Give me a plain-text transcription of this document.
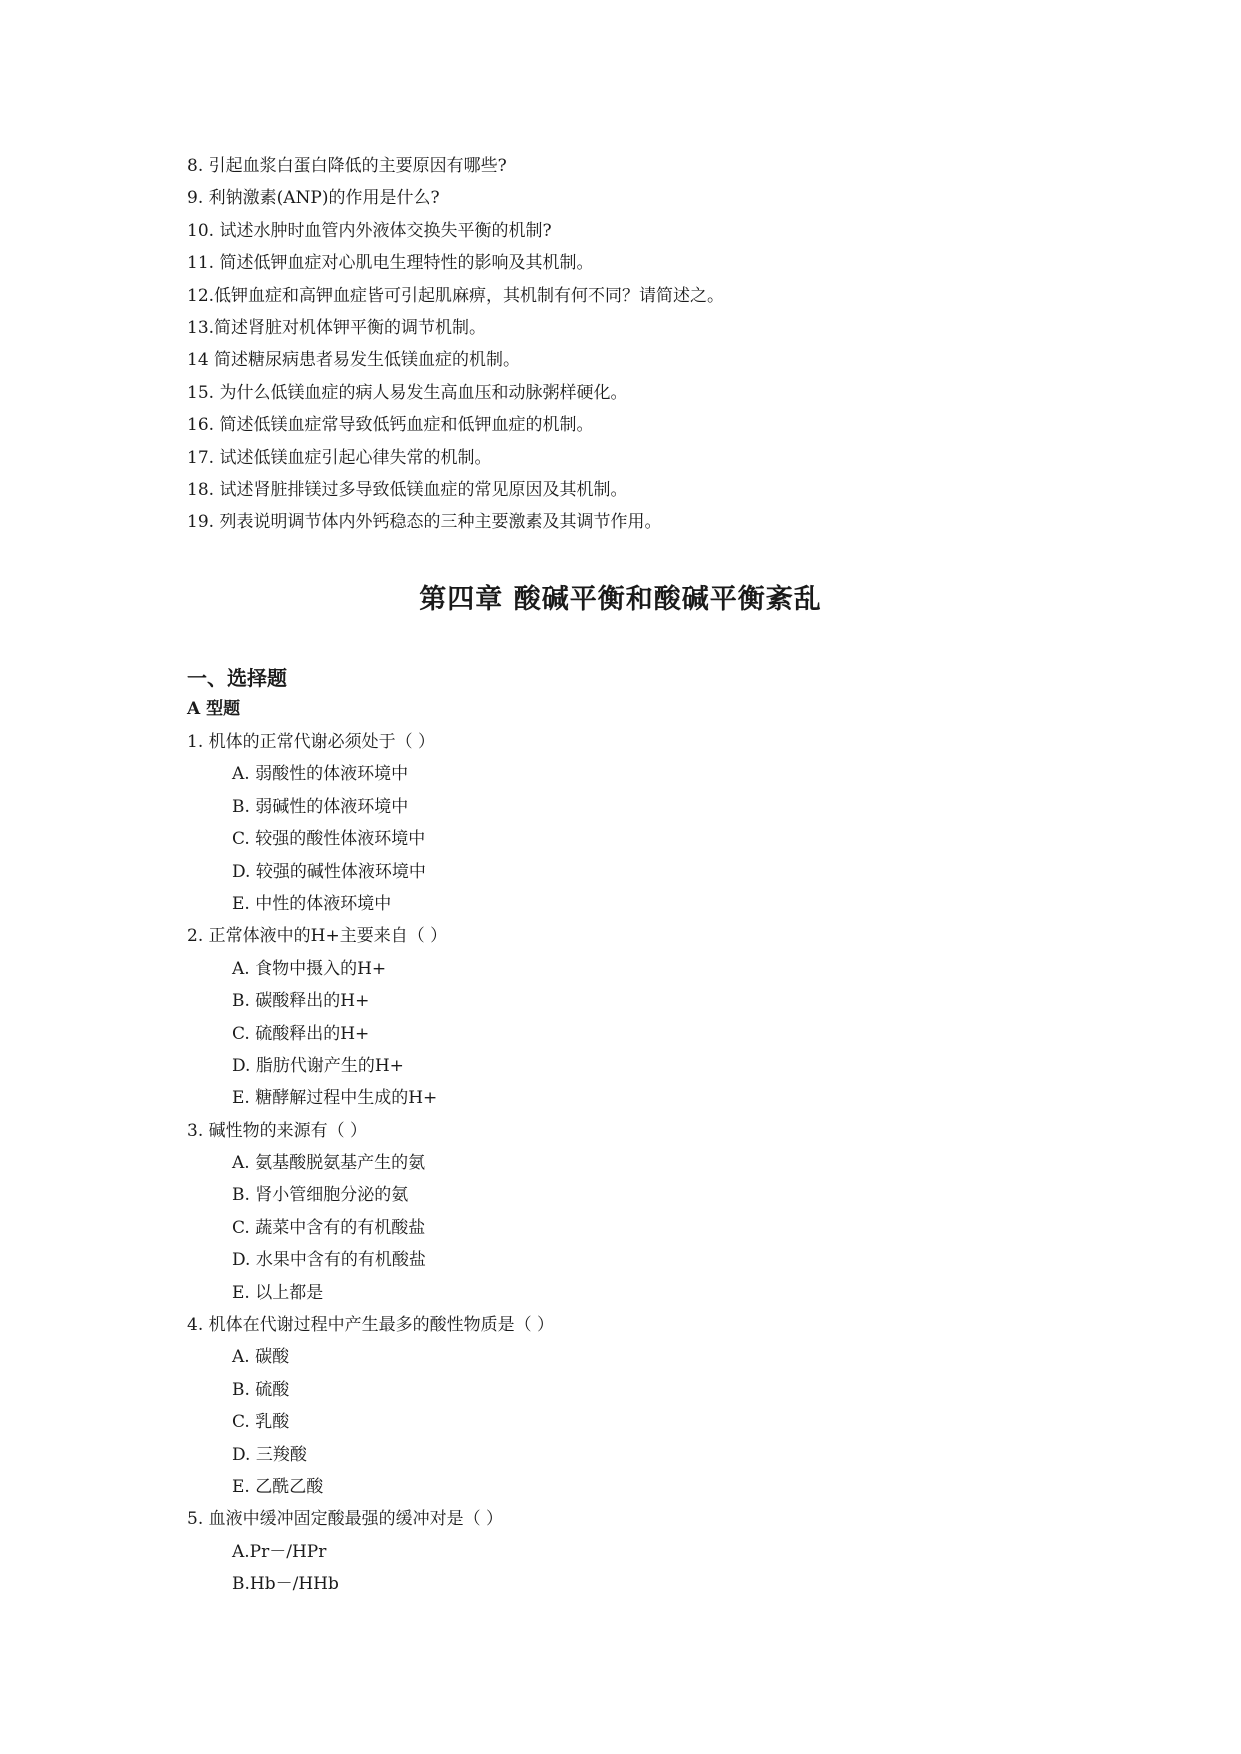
8. 引起血浆白蛋白降低的主要原因有哪些?
9. 利钠激素(ANP)的作用是什么?
10. 试述水肿时血管内外液体交换失平衡的机制?
11. 简述低钾血症对心肌电生理特性的影响及其机制。
12.低钾血症和高钾血症皆可引起肌麻痹，其机制有何不同？请简述之。
13.简述肾脏对机体钾平衡的调节机制。
14 简述糖尿病患者易发生低镁血症的机制。
15. 为什么低镁血症的病人易发生高血压和动脉粥样硬化。
16. 简述低镁血症常导致低钙血症和低钾血症的机制。
17. 试述低镁血症引起心律失常的机制。
18. 试述肾脏排镁过多导致低镁血症的常见原因及其机制。
19. 列表说明调节体内外钙稳态的三种主要激素及其调节作用。
第四章 酸碱平衡和酸碱平衡紊乱
一、选择题
A 型题
1. 机体的正常代谢必须处于（ ）
A. 弱酸性的体液环境中
B. 弱碱性的体液环境中
C. 较强的酸性体液环境中
D. 较强的碱性体液环境中
E. 中性的体液环境中
2. 正常体液中的H+主要来自（ ）
A. 食物中摄入的H+
B. 碳酸释出的H+
C. 硫酸释出的H+
D. 脂肪代谢产生的H+
E. 糖酵解过程中生成的H+
3. 碱性物的来源有（ ）
A. 氨基酸脱氨基产生的氨
B. 肾小管细胞分泌的氨
C. 蔬菜中含有的有机酸盐
D. 水果中含有的有机酸盐
E. 以上都是
4. 机体在代谢过程中产生最多的酸性物质是（ ）
A. 碳酸
B. 硫酸
C. 乳酸
D. 三羧酸
E. 乙酰乙酸
5. 血液中缓冲固定酸最强的缓冲对是（ ）
A.Pr－/HPr
B.Hb－/HHb
